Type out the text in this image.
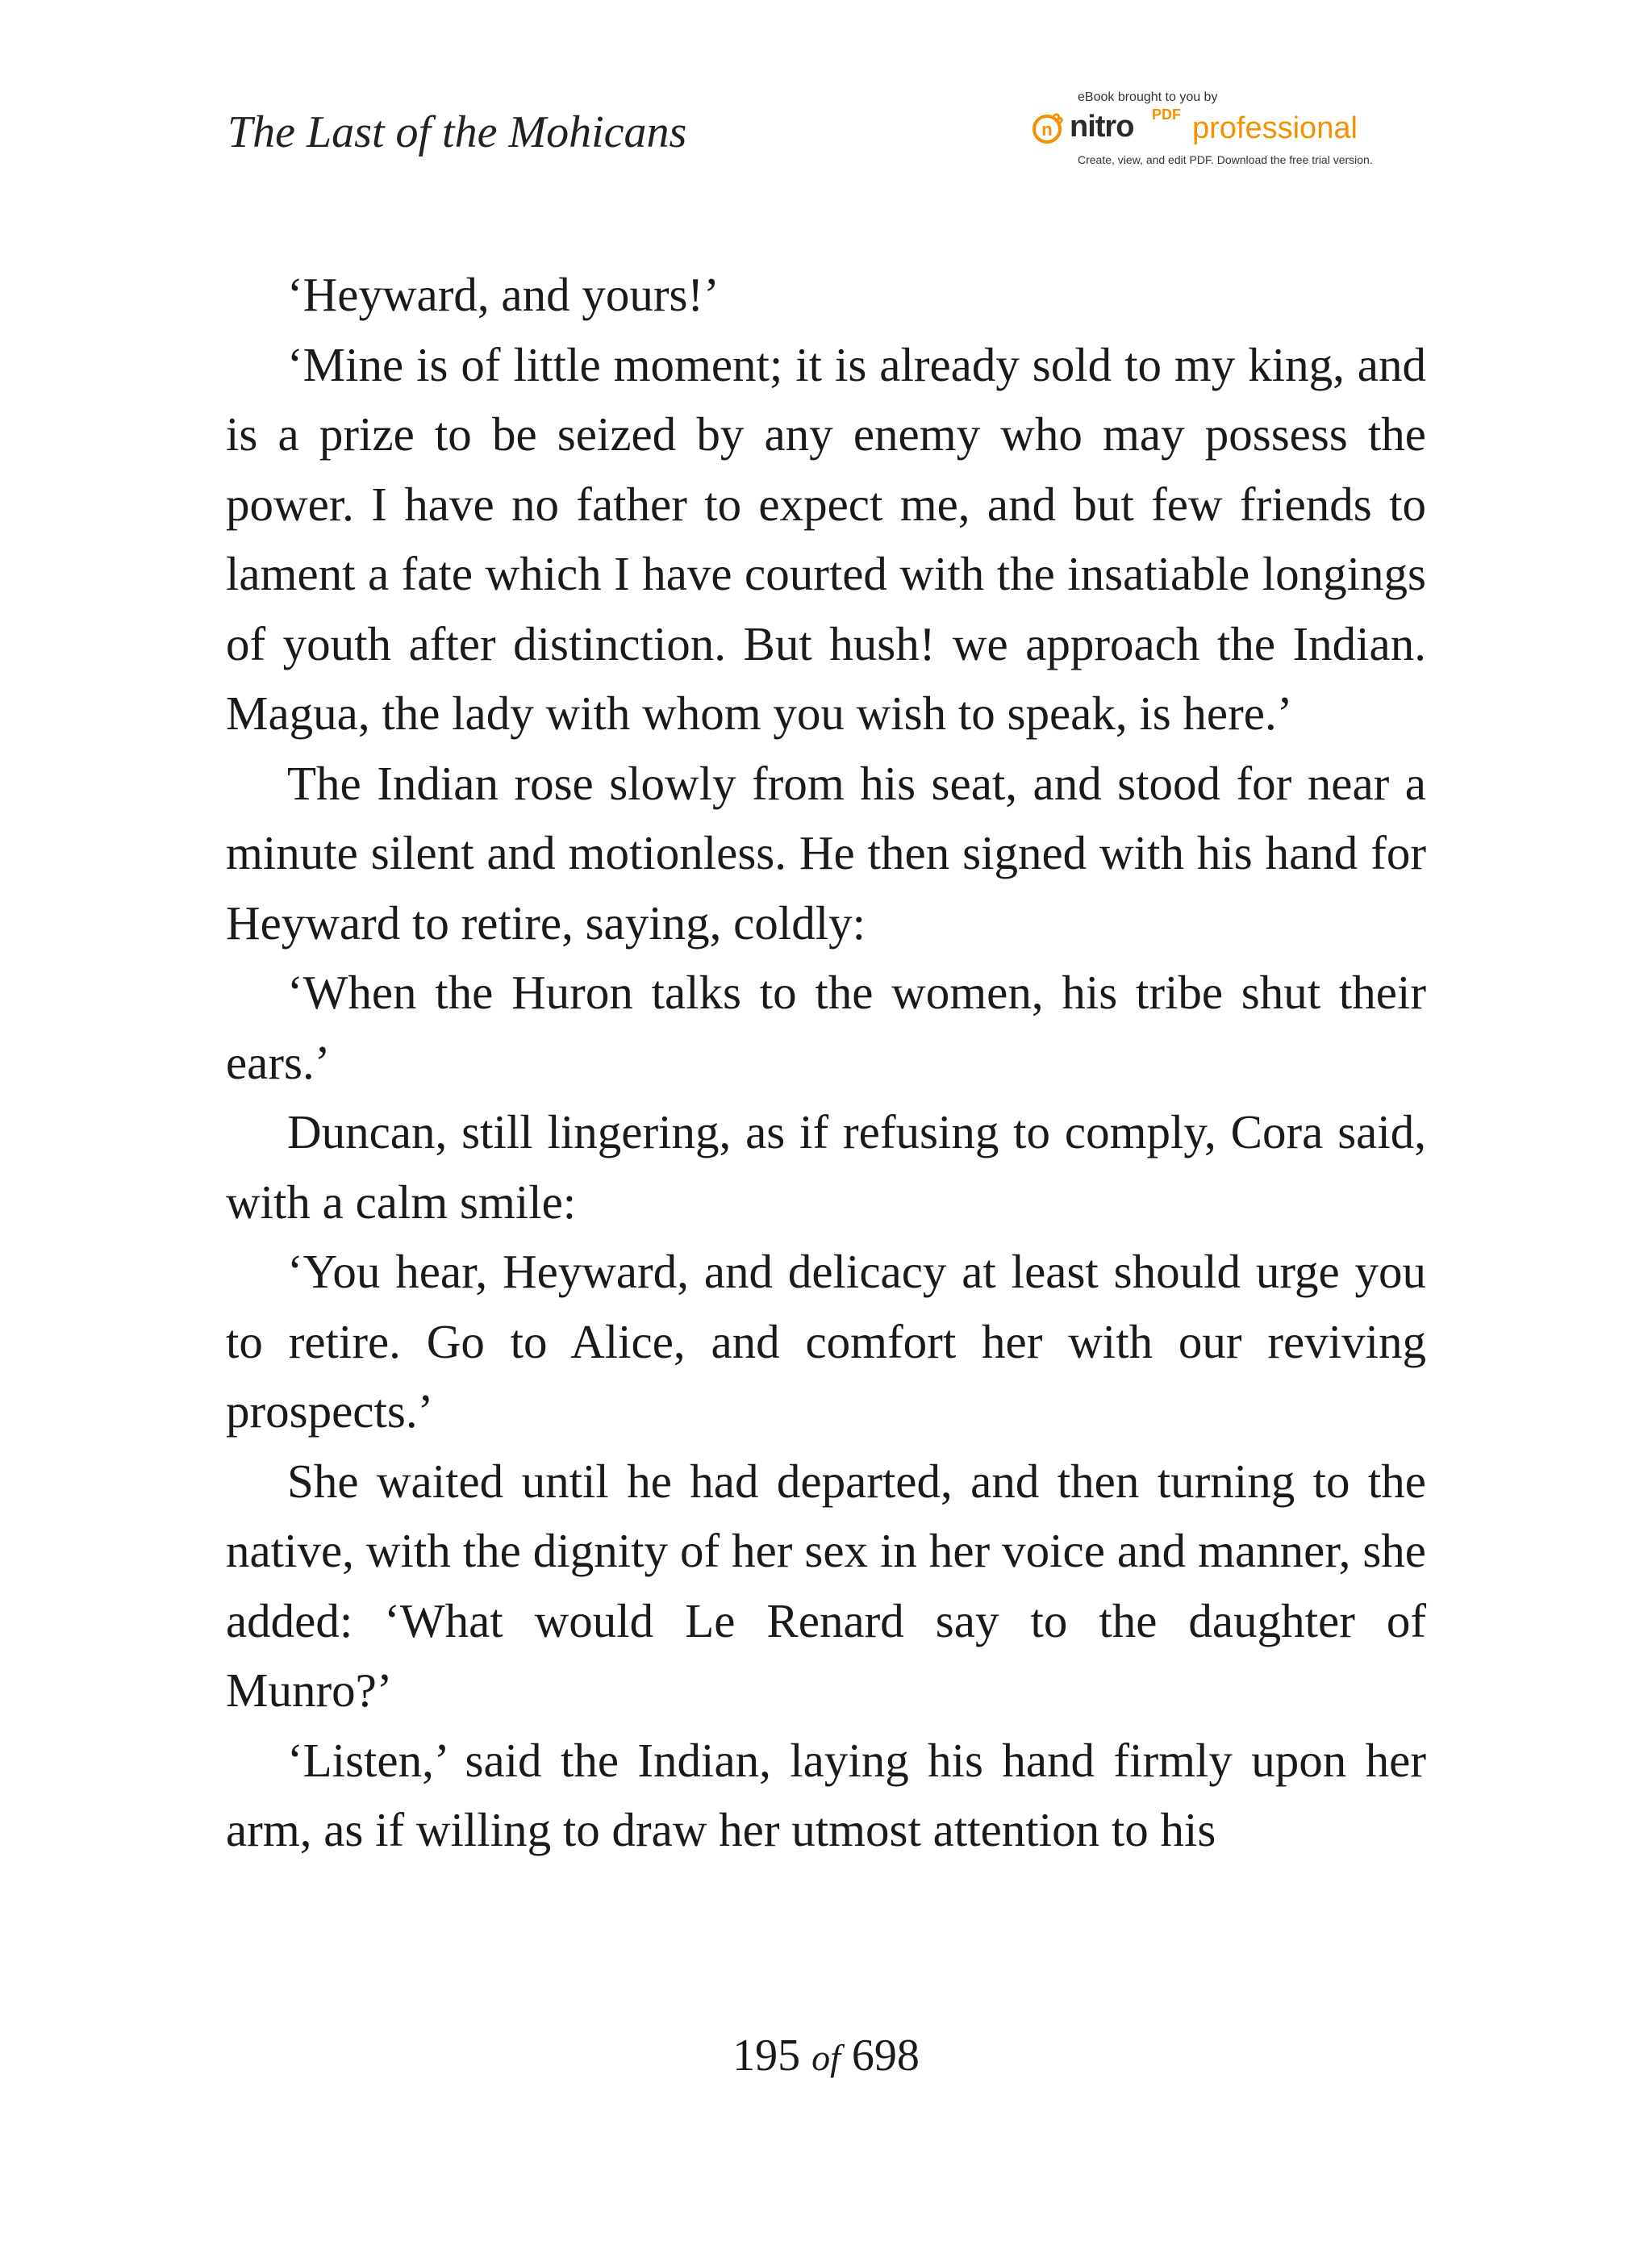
The Last of the Mohicans
eBook brought to you by
n nitro PDF professional
Create, view, and edit PDF. Download the free trial version.

‘Heyward, and yours!’

‘Mine is of little moment; it is already sold to my king, and is a prize to be seized by any enemy who may possess the power. I have no father to expect me, and but few friends to lament a fate which I have courted with the insatiable longings of youth after distinction. But hush! we approach the Indian. Magua, the lady with whom you wish to speak, is here.’

The Indian rose slowly from his seat, and stood for near a minute silent and motionless. He then signed with his hand for Heyward to retire, saying, coldly:

‘When the Huron talks to the women, his tribe shut their ears.’

Duncan, still lingering, as if refusing to comply, Cora said, with a calm smile:

‘You hear, Heyward, and delicacy at least should urge you to retire. Go to Alice, and comfort her with our reviving prospects.’

She waited until he had departed, and then turning to the native, with the dignity of her sex in her voice and manner, she added: ‘What would Le Renard say to the daughter of Munro?’

‘Listen,’ said the Indian, laying his hand firmly upon her arm, as if willing to draw her utmost attention to his

195 of 698
